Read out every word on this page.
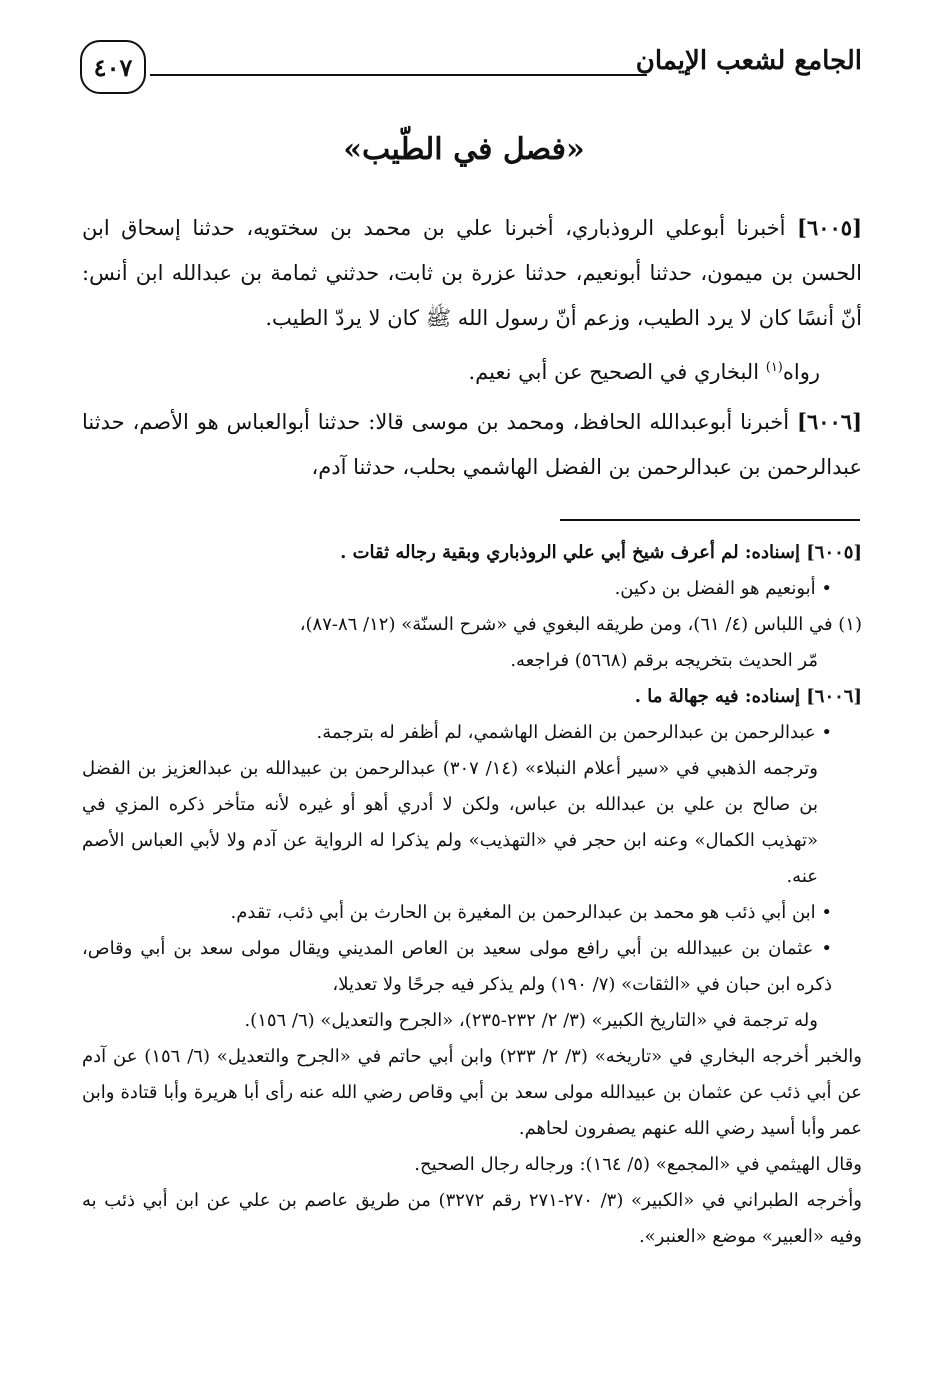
الجامع لشعب الإيمان
٤٠٧
«فصل في الطّيب»

[٦٠٠٥] أخبرنا أبوعلي الروذباري، أخبرنا علي بن محمد بن سختويه، حدثنا إسحاق ابن الحسن بن ميمون، حدثنا أبونعيم، حدثنا عزرة بن ثابت، حدثني ثمامة بن عبدالله ابن أنس: أنّ أنسًا كان لا يرد الطيب، وزعم أنّ رسول الله ﷺ كان لا يردّ الطيب.

رواه$^{(١)}$ البخاري في الصحيح عن أبي نعيم.

[٦٠٠٦] أخبرنا أبوعبدالله الحافظ، ومحمد بن موسى قالا: حدثنا أبوالعباس هو الأصم، حدثنا عبدالرحمن بن عبدالرحمن بن الفضل الهاشمي بحلب، حدثنا آدم،

[٦٠٠٥] إسناده: لم أعرف شيخ أبي علي الروذباري وبقية رجاله ثقات .

• أبونعيم هو الفضل بن دكين.

(١) في اللباس (٤/ ٦١)، ومن طريقه البغوي في «شرح السنّة» (١٢/ ٨٦-٨٧)،

مّر الحديث بتخريجه برقم (٥٦٦٨) فراجعه.

[٦٠٠٦] إسناده: فيه جهالة ما .

• عبدالرحمن بن عبدالرحمن بن الفضل الهاشمي، لم أظفر له بترجمة.

وترجمه الذهبي في «سير أعلام النبلاء» (١٤/ ٣٠٧) عبدالرحمن بن عبيدالله بن عبدالعزيز بن الفضل بن صالح بن علي بن عبدالله بن عباس، ولكن لا أدري أهو أو غيره لأنه متأخر ذكره المزي في «تهذيب الكمال» وعنه ابن حجر في «التهذيب» ولم يذكرا له الرواية عن آدم ولا لأبي العباس الأصم عنه.

• ابن أبي ذئب هو محمد بن عبدالرحمن بن المغيرة بن الحارث بن أبي ذئب، تقدم.

• عثمان بن عبيدالله بن أبي رافع مولى سعيد بن العاص المديني ويقال مولى سعد بن أبي وقاص، ذكره ابن حبان في «الثقات» (٧/ ١٩٠) ولم يذكر فيه جرحًا ولا تعديلا،

وله ترجمة في «التاريخ الكبير» (٣/ ٢/ ٢٣٢-٢٣٥)، «الجرح والتعديل» (٦/ ١٥٦).

والخبر أخرجه البخاري في «تاريخه» (٣/ ٢/ ٢٣٣) وابن أبي حاتم في «الجرح والتعديل» (٦/ ١٥٦) عن آدم عن أبي ذئب عن عثمان بن عبيدالله مولى سعد بن أبي وقاص رضي الله عنه رأى أبا هريرة وأبا قتادة وابن عمر وأبا أسيد رضي الله عنهم يصفرون لحاهم.

وقال الهيثمي في «المجمع» (٥/ ١٦٤): ورجاله رجال الصحيح.

وأخرجه الطبراني في «الكبير» (٣/ ٢٧٠-٢٧١ رقم ٣٢٧٢) من طريق عاصم بن علي عن ابن أبي ذئب به وفيه «العبير» موضع «العنبر».
